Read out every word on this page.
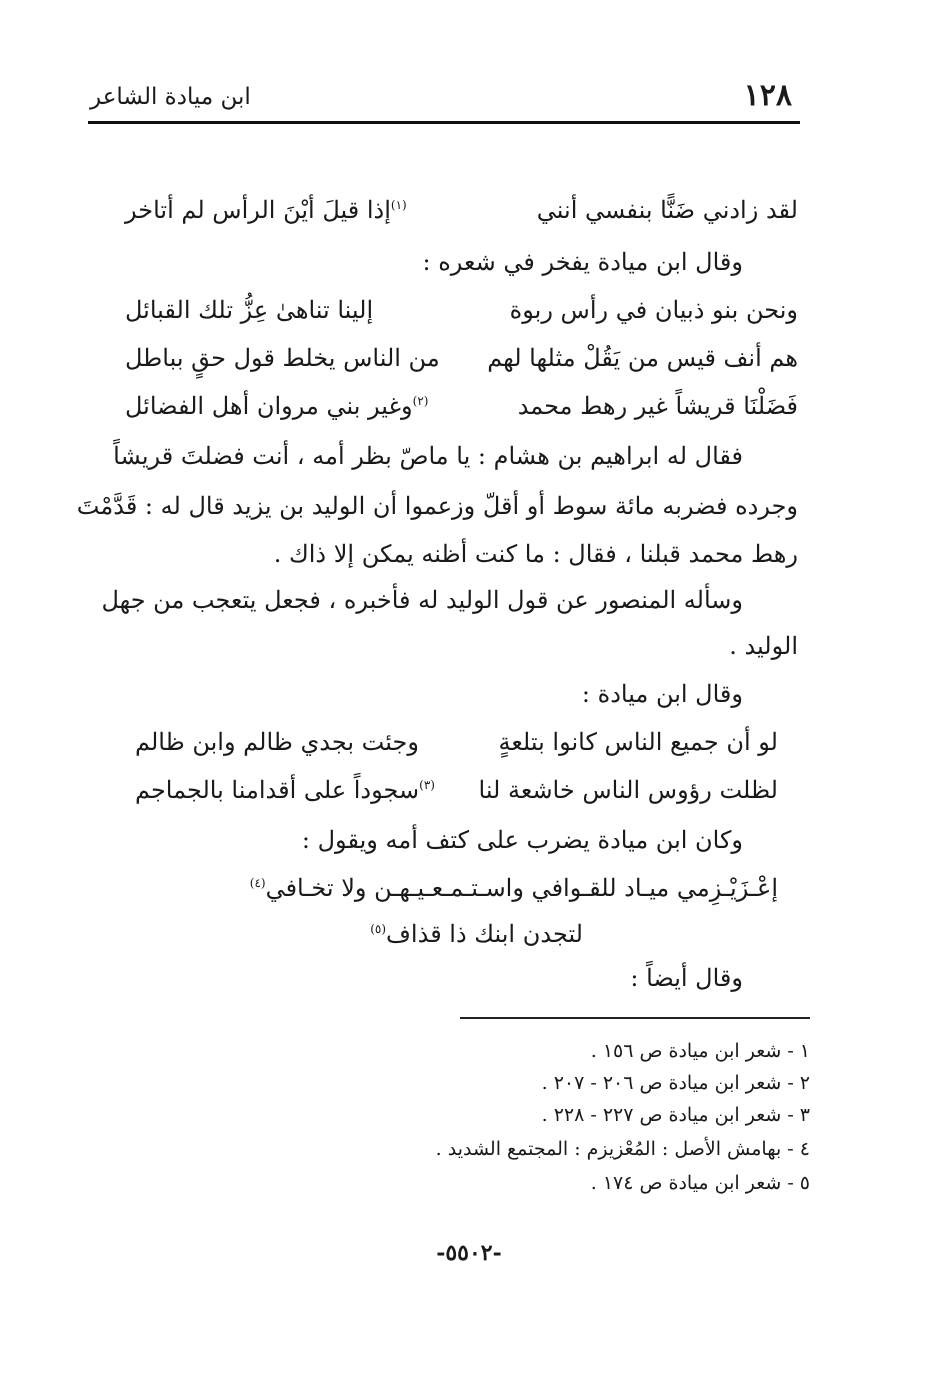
١٢٨
ابن ميادة الشاعر
لقد زادني ضَنًّا بنفسي أنني
$^{(١)}$إذا قيلَ أيْنَ الرأس لم أتاخر
وقال ابن ميادة يفخر في شعره :
ونحن بنو ذبيان في رأس ربوة
إلينا تناهىٰ عِزُّ تلك القبائل
هم أنف قيس من يَقُلْ مثلها لهم
من الناس يخلط قول حقٍ بباطل
فَضَلْنَا قريشاً غير رهط محمد
$^{(٢)}$وغير بني مروان أهل الفضائل
فقال له ابراهيم بن هشام : يا ماصّ بظر أمه ، أنت فضلتَ قريشاً
وجرده فضربه مائة سوط أو أقلّ وزعموا أن الوليد بن يزيد قال له : قَدَّمْتَ
رهط محمد قبلنا ، فقال : ما كنت أظنه يمكن إلا ذاك .
وسأله المنصور عن قول الوليد له فأخبره ، فجعل يتعجب من جهل
الوليد .
وقال ابن ميادة :
لو أن جميع الناس كانوا بتلعةٍ
وجئت بجدي ظالم وابن ظالم
لظلت رؤوس الناس خاشعة لنا
$^{(٣)}$سجوداً على أقدامنا بالجماجم
وكان ابن ميادة يضرب على كتف أمه ويقول :
إعْـزَيْـزِمي ميـاد للقـوافي واسـتـمـعـيـهـن ولا تخـافي$^{(٤)}$
لتجدن ابنك ذا قذاف$^{(٥)}$
وقال أيضاً :
١ - شعر ابن ميادة ص ١٥٦ .
٢ - شعر ابن ميادة ص ٢٠٦ - ٢٠٧ .
٣ - شعر ابن ميادة ص ٢٢٧ - ٢٢٨ .
٤ - بهامش الأصل : المُعْزيزم : المجتمع الشديد .
٥ - شعر ابن ميادة ص ١٧٤ .
-٥٥٠٢-
